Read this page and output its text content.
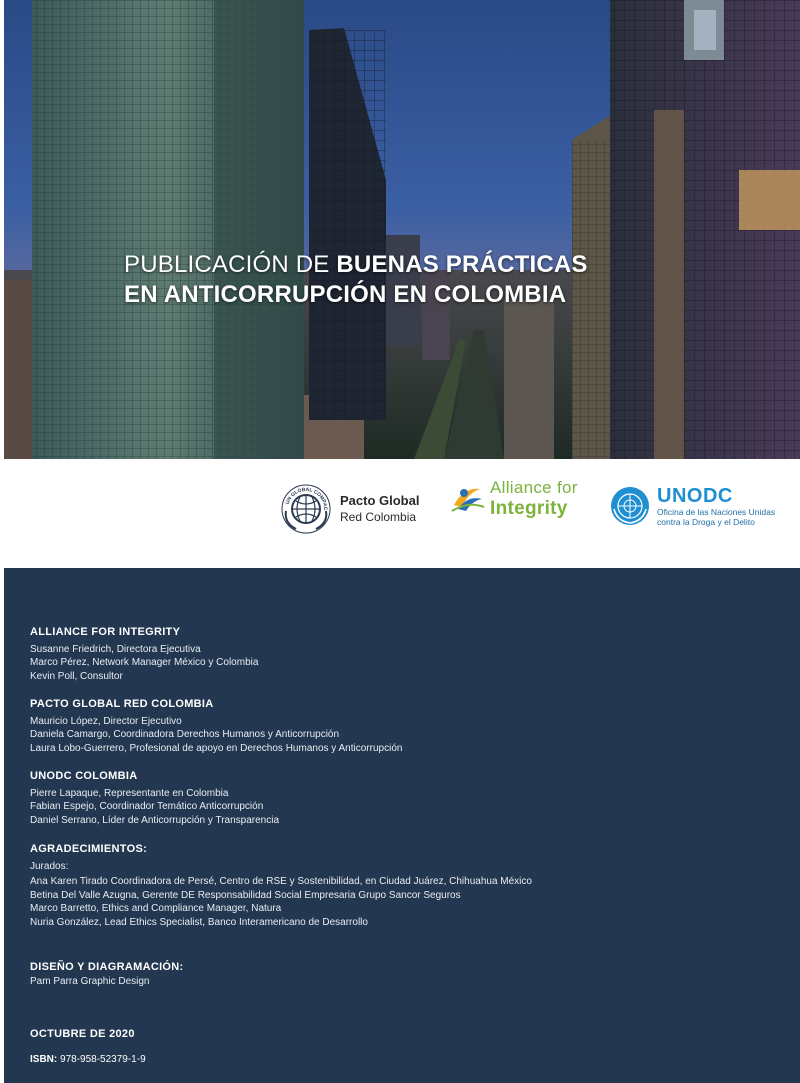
PUBLICACIÓN DE BUENAS PRÁCTICAS
EN ANTICORRUPCIÓN EN COLOMBIA
UN GLOBAL COMPAC
Pacto Global
Red Colombia
Alliance for
Integrity
UNODC
Oficina de las Naciones Unidas
contra la Droga y el Delito
ALLIANCE FOR INTEGRITY
Susanne Friedrich, Directora Ejecutiva
Marco Pérez, Network Manager México y Colombia
Kevin Poll, Consultor
PACTO GLOBAL RED COLOMBIA
Mauricio López, Director Ejecutivo
Daniela Camargo, Coordinadora Derechos Humanos y Anticorrupción
Laura Lobo-Guerrero, Profesional de apoyo en Derechos Humanos y Anticorrupción
UNODC COLOMBIA
Pierre Lapaque, Representante en Colombia
Fabian Espejo, Coordinador Temático Anticorrupción
Daniel Serrano, Líder de Anticorrupción y Transparencia
AGRADECIMIENTOS:
Jurados:
Ana Karen Tirado Coordinadora de Persé, Centro de RSE y Sostenibilidad, en Ciudad Juárez, Chihuahua México
Betina Del Valle Azugna, Gerente DE Responsabilidad Social Empresaria Grupo Sancor Seguros
Marco Barretto, Ethics and Compliance Manager, Natura
Nuria González, Lead Ethics Specialist, Banco Interamericano de Desarrollo
DISEÑO Y DIAGRAMACIÓN:
Pam Parra Graphic Design
OCTUBRE DE 2020
ISBN: 978-958-52379-1-9
